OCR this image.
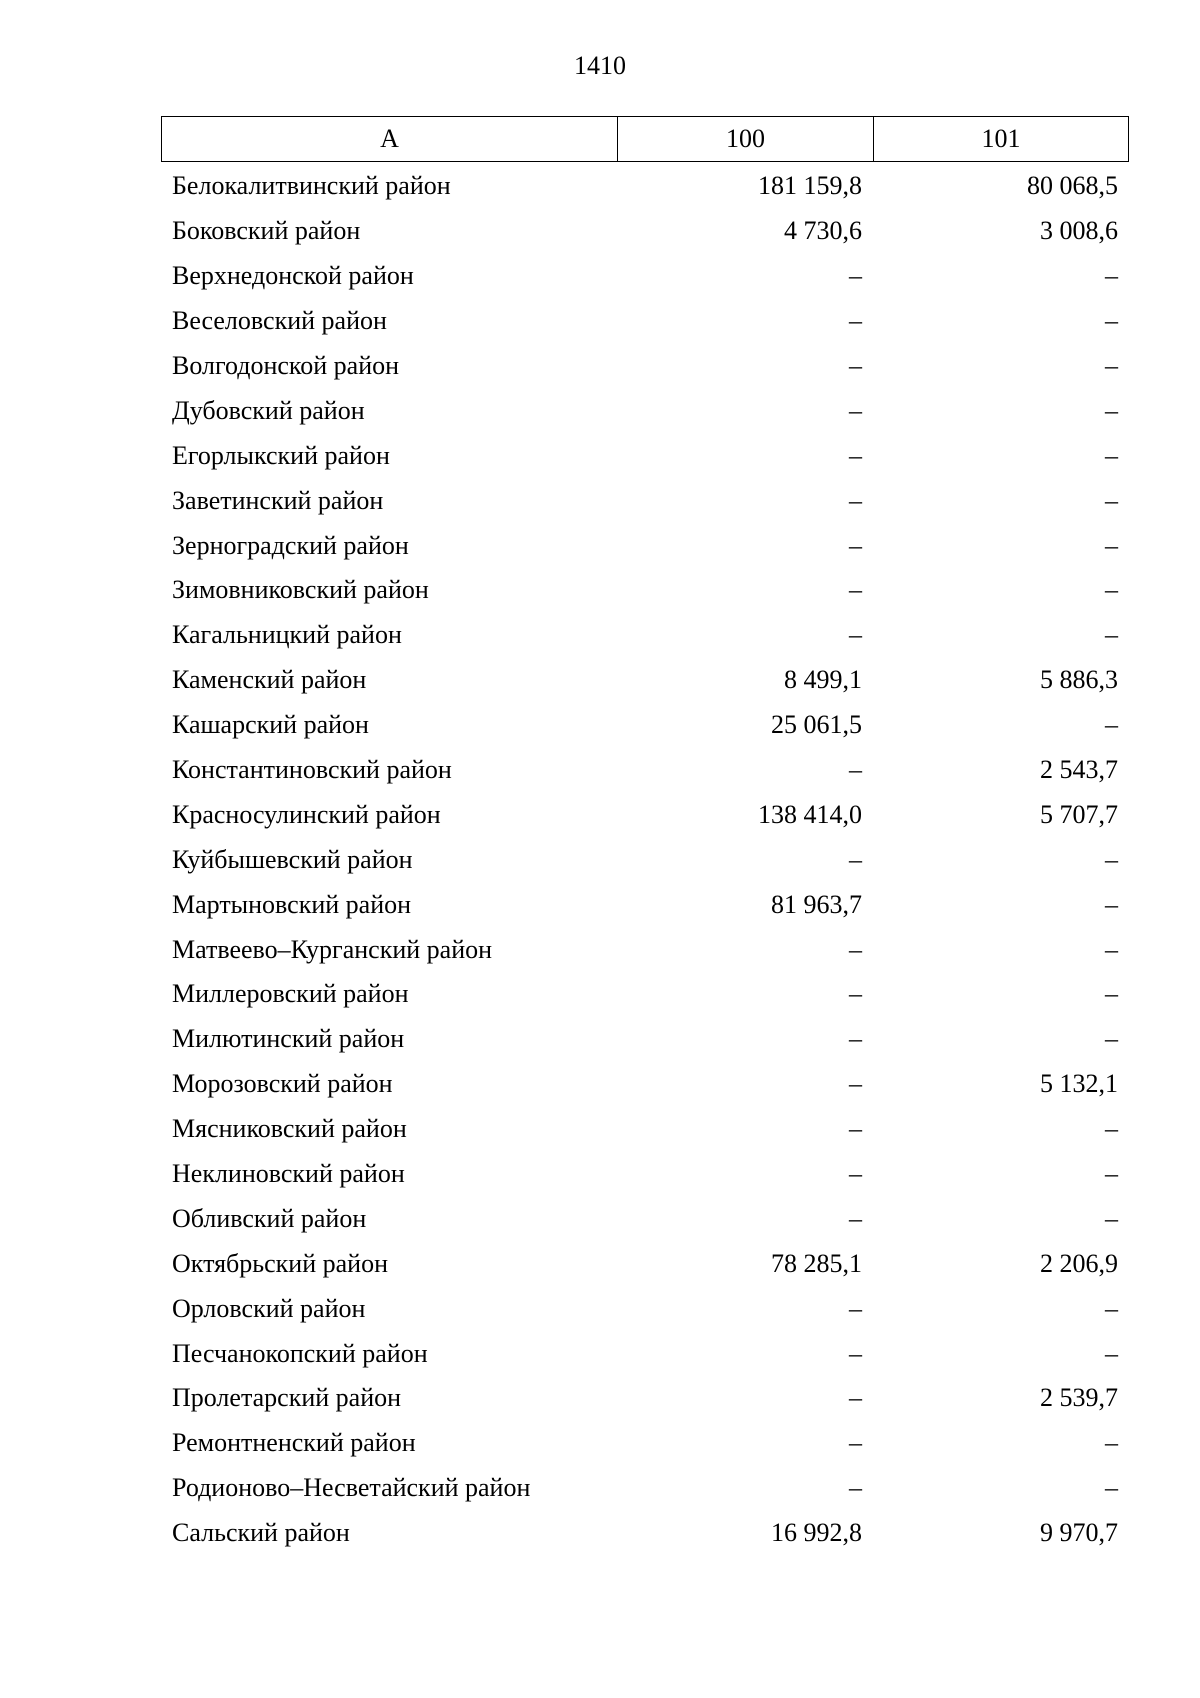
1410
A	100	101
Белокалитвинский район	181 159,8	80 068,5
Боковский район	4 730,6	3 008,6
Верхнедонской район	–	–
Веселовский район	–	–
Волгодонской район	–	–
Дубовский район	–	–
Егорлыкский район	–	–
Заветинский район	–	–
Зерноградский район	–	–
Зимовниковский район	–	–
Кагальницкий район	–	–
Каменский район	8 499,1	5 886,3
Кашарский район	25 061,5	–
Константиновский район	–	2 543,7
Красносулинский район	138 414,0	5 707,7
Куйбышевский район	–	–
Мартыновский район	81 963,7	–
Матвеево–Курганский район	–	–
Миллеровский район	–	–
Милютинский район	–	–
Морозовский район	–	5 132,1
Мясниковский район	–	–
Неклиновский район	–	–
Обливский район	–	–
Октябрьский район	78 285,1	2 206,9
Орловский район	–	–
Песчанокопский район	–	–
Пролетарский район	–	2 539,7
Ремонтненский район	–	–
Родионово–Несветайский район	–	–
Сальский район	16 992,8	9 970,7
